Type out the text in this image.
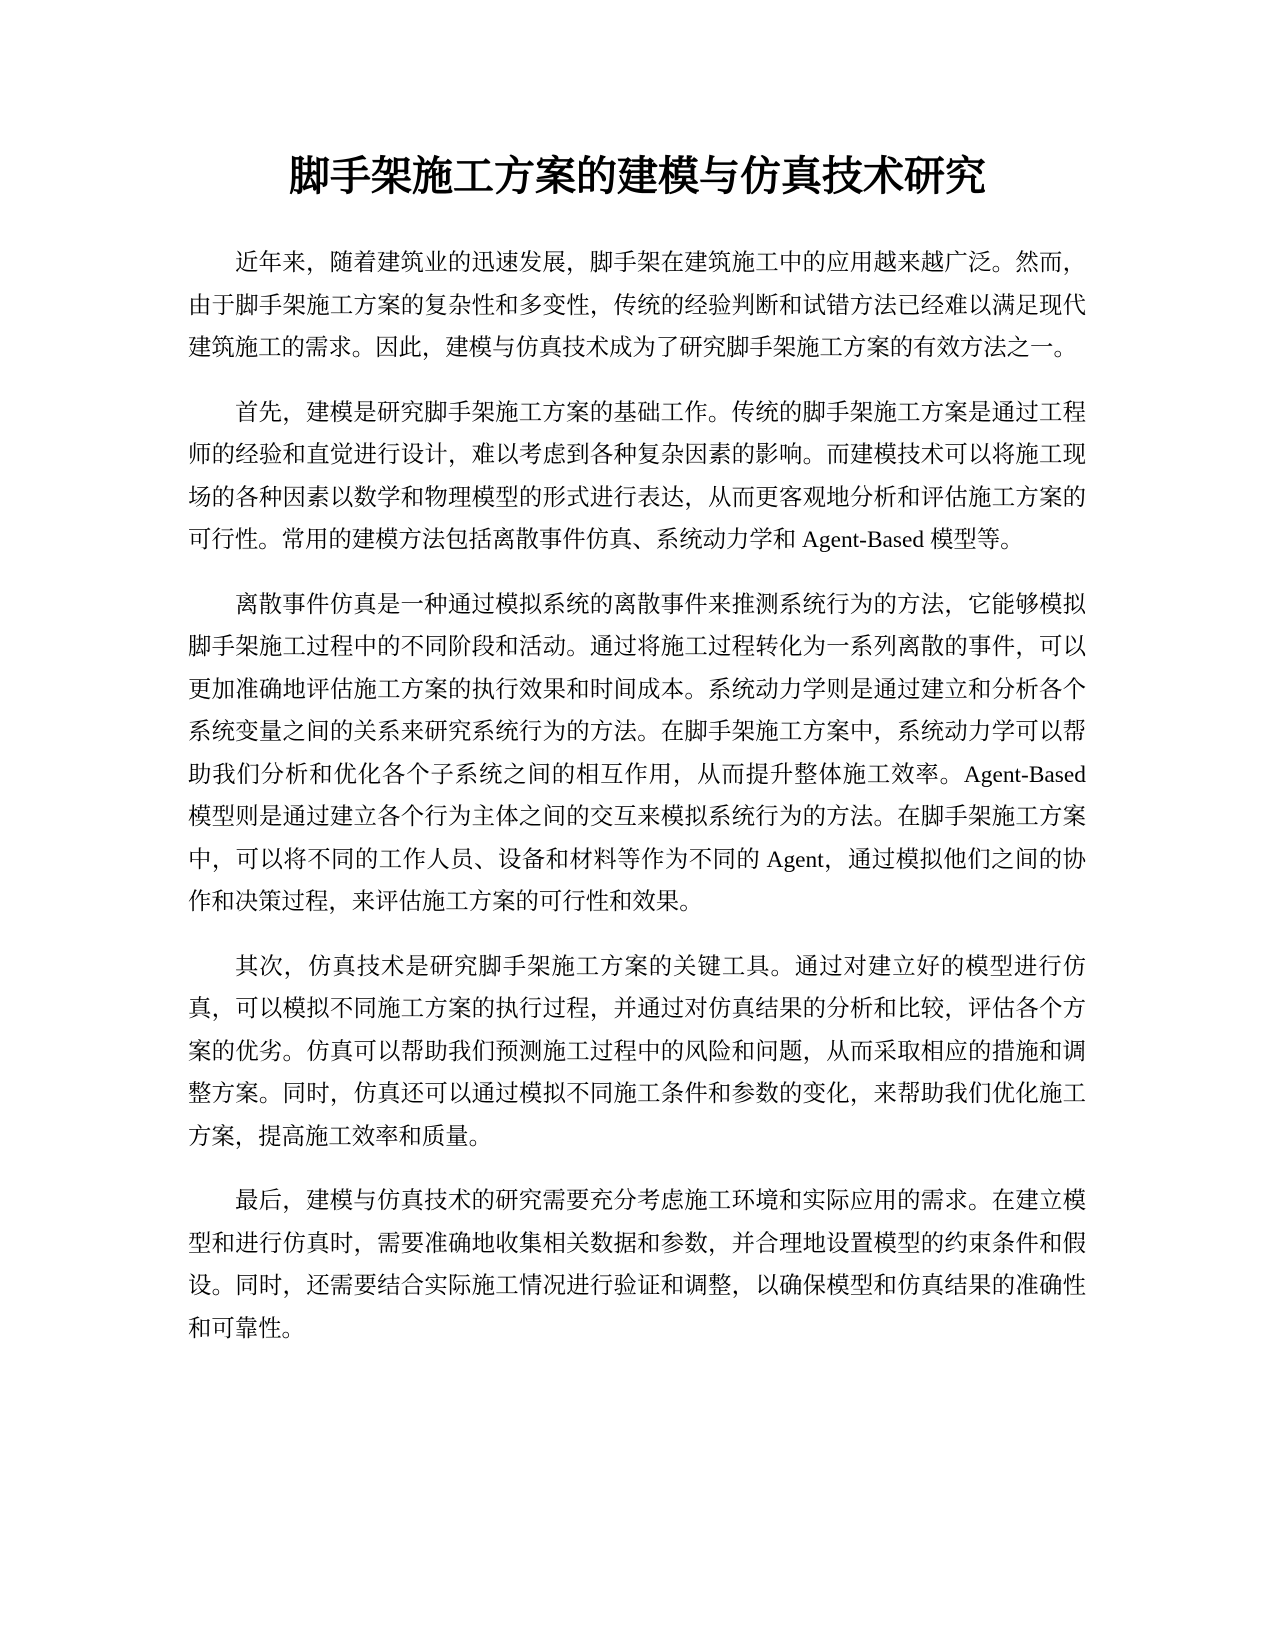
脚手架施工方案的建模与仿真技术研究

近年来，随着建筑业的迅速发展，脚手架在建筑施工中的应用越来越广泛。然而，由于脚手架施工方案的复杂性和多变性，传统的经验判断和试错方法已经难以满足现代建筑施工的需求。因此，建模与仿真技术成为了研究脚手架施工方案的有效方法之一。

首先，建模是研究脚手架施工方案的基础工作。传统的脚手架施工方案是通过工程师的经验和直觉进行设计，难以考虑到各种复杂因素的影响。而建模技术可以将施工现场的各种因素以数学和物理模型的形式进行表达，从而更客观地分析和评估施工方案的可行性。常用的建模方法包括离散事件仿真、系统动力学和 Agent-Based 模型等。

离散事件仿真是一种通过模拟系统的离散事件来推测系统行为的方法，它能够模拟脚手架施工过程中的不同阶段和活动。通过将施工过程转化为一系列离散的事件，可以更加准确地评估施工方案的执行效果和时间成本。系统动力学则是通过建立和分析各个系统变量之间的关系来研究系统行为的方法。在脚手架施工方案中，系统动力学可以帮助我们分析和优化各个子系统之间的相互作用，从而提升整体施工效率。Agent-Based 模型则是通过建立各个行为主体之间的交互来模拟系统行为的方法。在脚手架施工方案中，可以将不同的工作人员、设备和材料等作为不同的 Agent，通过模拟他们之间的协作和决策过程，来评估施工方案的可行性和效果。

其次，仿真技术是研究脚手架施工方案的关键工具。通过对建立好的模型进行仿真，可以模拟不同施工方案的执行过程，并通过对仿真结果的分析和比较，评估各个方案的优劣。仿真可以帮助我们预测施工过程中的风险和问题，从而采取相应的措施和调整方案。同时，仿真还可以通过模拟不同施工条件和参数的变化，来帮助我们优化施工方案，提高施工效率和质量。

最后，建模与仿真技术的研究需要充分考虑施工环境和实际应用的需求。在建立模型和进行仿真时，需要准确地收集相关数据和参数，并合理地设置模型的约束条件和假设。同时，还需要结合实际施工情况进行验证和调整，以确保模型和仿真结果的准确性和可靠性。
